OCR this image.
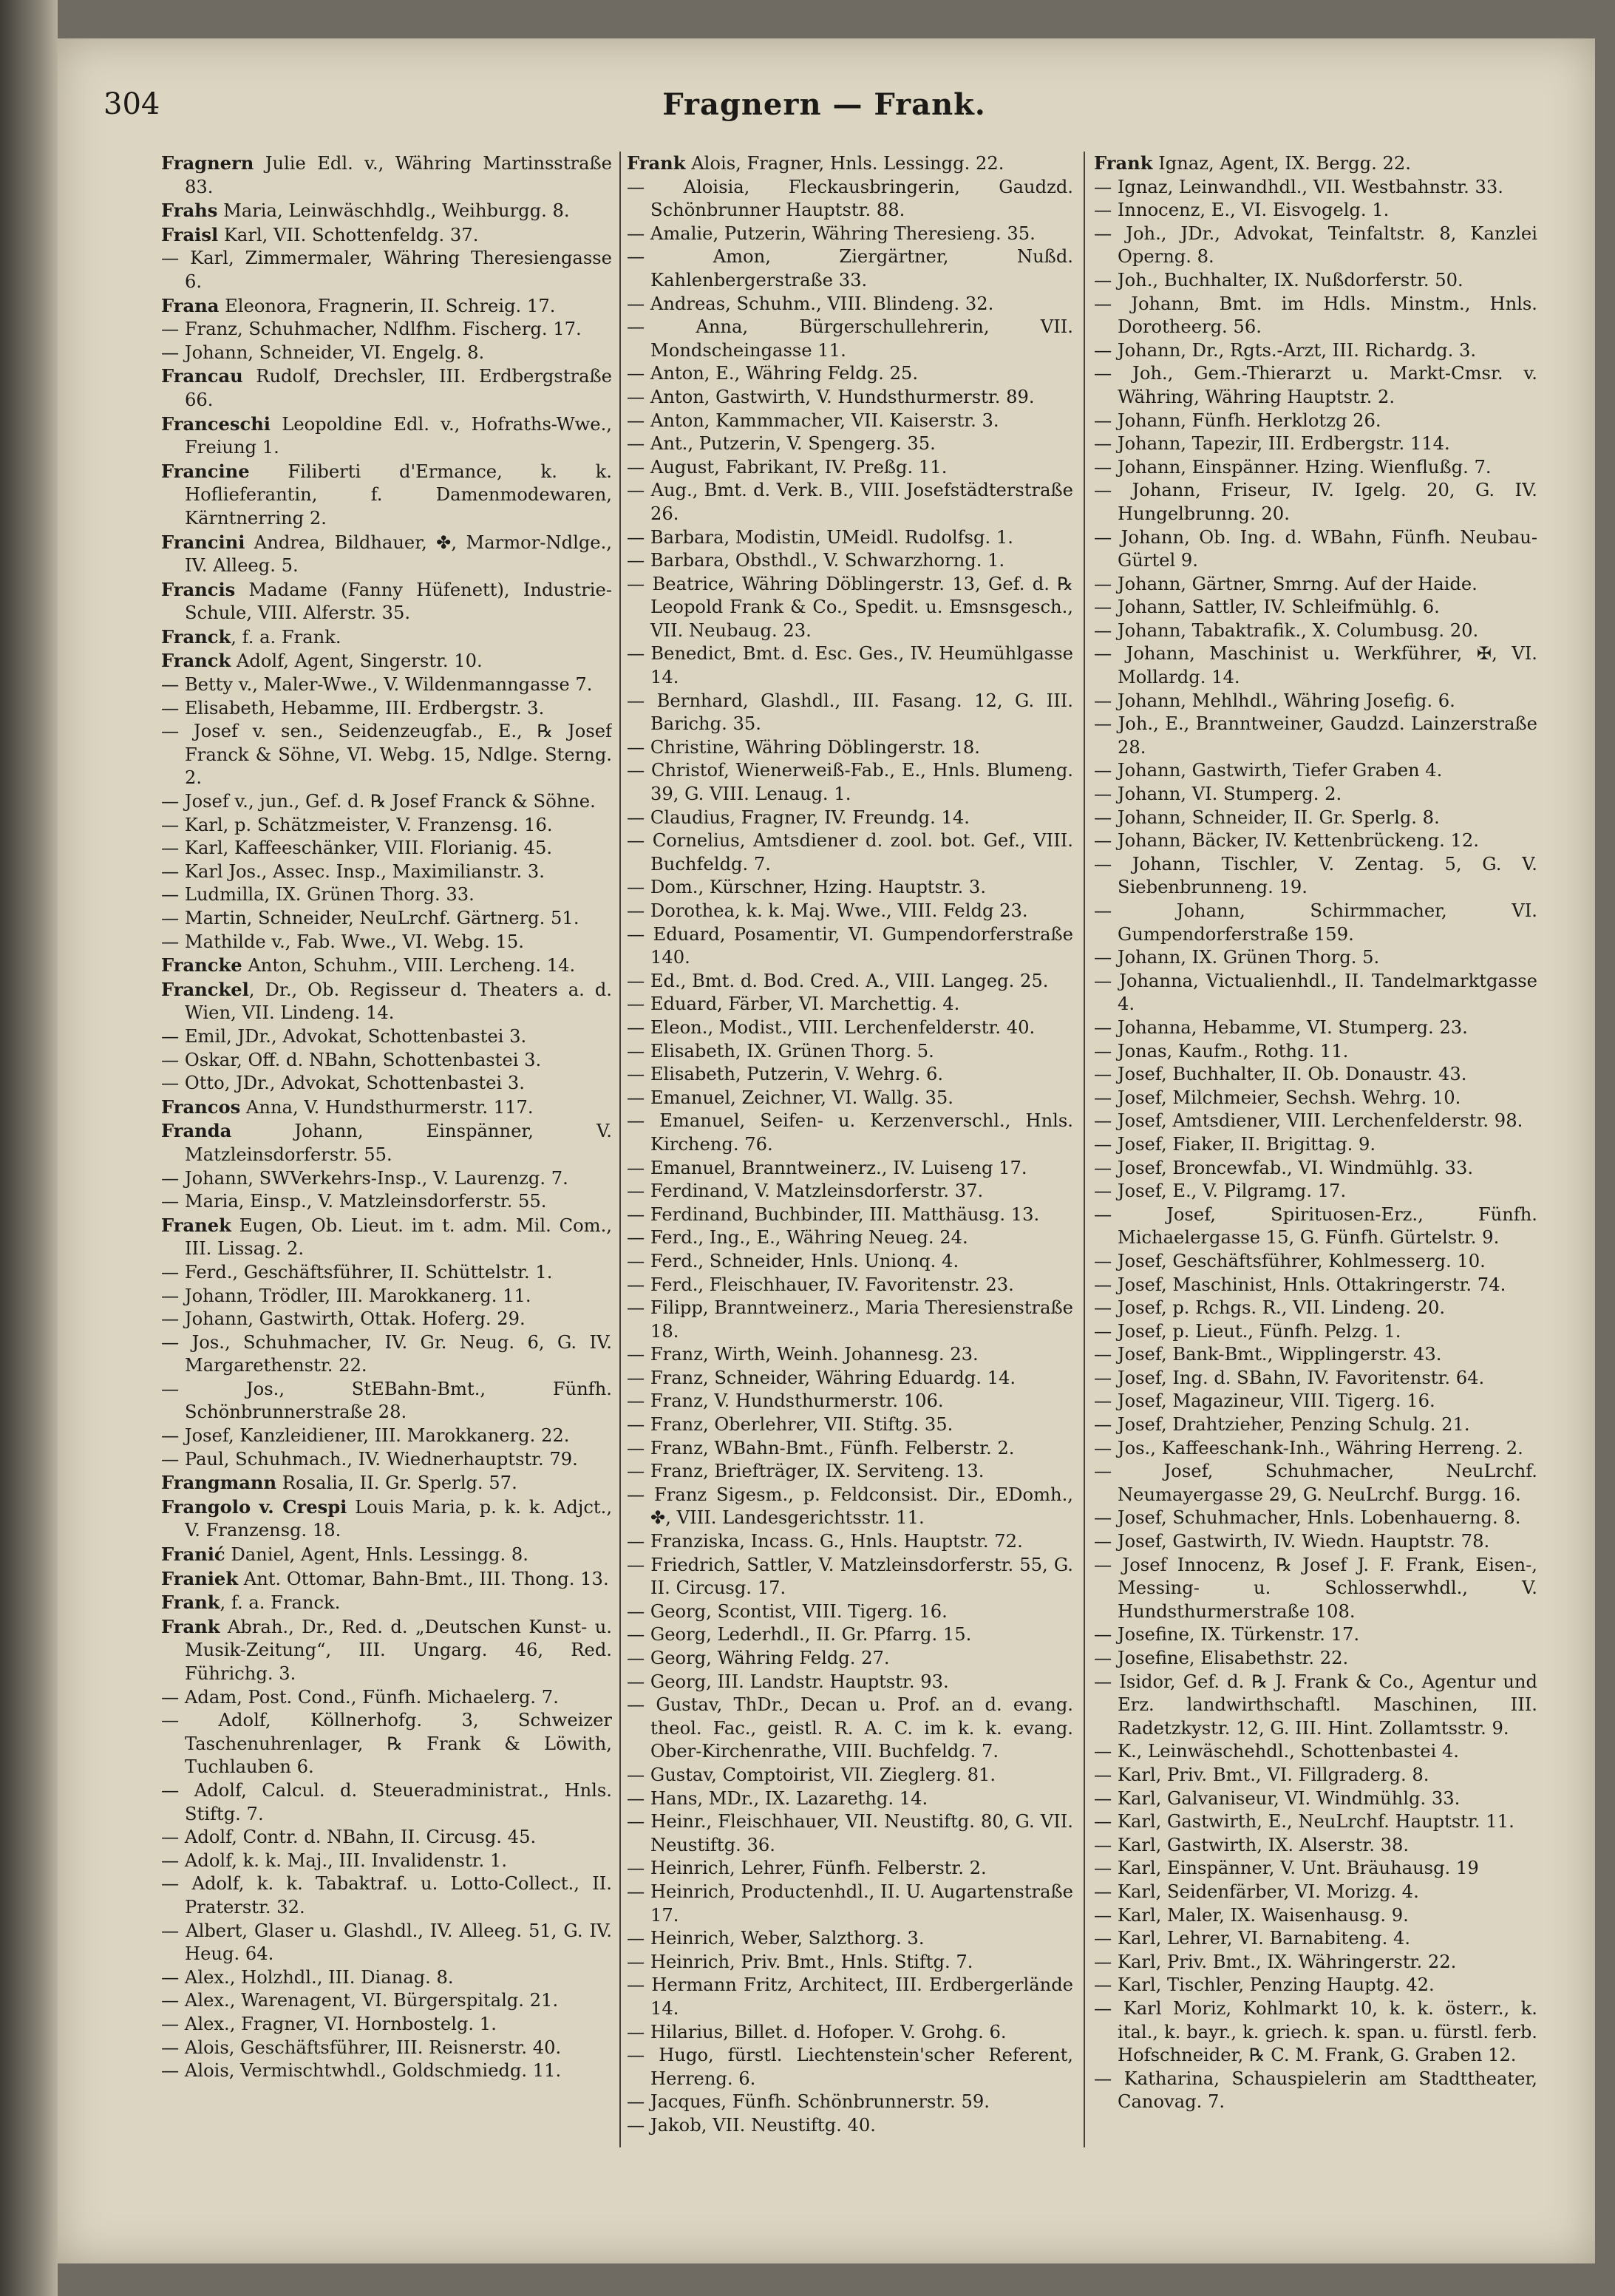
304	Fragnern — Frank.

Fragnern Julie Edl. v., Währing Martinsstraße 83.

Frahs Maria, Leinwäschhdlg., Weihburgg. 8.

Fraisl Karl, VII. Schottenfeldg. 37.

— Karl, Zimmermaler, Währing Theresiengasse 6.

Frana Eleonora, Fragnerin, II. Schreig. 17.

— Franz, Schuhmacher, Ndlfhm. Fischerg. 17.

— Johann, Schneider, VI. Engelg. 8.

Francau Rudolf, Drechsler, III. Erdbergstraße 66.

Franceschi Leopoldine Edl. v., Hofraths-Wwe., Freiung 1.

Francine Filiberti d'Ermance, k. k. Hoflieferantin, f. Damenmodewaren, Kärntnerring 2.

Francini Andrea, Bildhauer, ✤, Marmor-Ndlge., IV. Alleeg. 5.

Francis Madame (Fanny Hüfenett), Industrie-Schule, VIII. Alferstr. 35.

Franck, f. a. Frank.

Franck Adolf, Agent, Singerstr. 10.

— Betty v., Maler-Wwe., V. Wildenmanngasse 7.

— Elisabeth, Hebamme, III. Erdbergstr. 3.

— Josef v. sen., Seidenzeugfab., E., ℞ Josef Franck & Söhne, VI. Webg. 15, Ndlge. Sterng. 2.

— Josef v., jun., Gef. d. ℞ Josef Franck & Söhne.

— Karl, p. Schätzmeister, V. Franzensg. 16.

— Karl, Kaffeeschänker, VIII. Florianig. 45.

— Karl Jos., Assec. Insp., Maximilianstr. 3.

— Ludmilla, IX. Grünen Thorg. 33.

— Martin, Schneider, NeuLrchf. Gärtnerg. 51.

— Mathilde v., Fab. Wwe., VI. Webg. 15.

Francke Anton, Schuhm., VIII. Lercheng. 14.

Franckel, Dr., Ob. Regisseur d. Theaters a. d. Wien, VII. Lindeng. 14.

— Emil, JDr., Advokat, Schottenbastei 3.

— Oskar, Off. d. NBahn, Schottenbastei 3.

— Otto, JDr., Advokat, Schottenbastei 3.

Francos Anna, V. Hundsthurmerstr. 117.

Franda Johann, Einspänner, V. Matzleinsdorferstr. 55.

— Johann, SWVerkehrs-Insp., V. Laurenzg. 7.

— Maria, Einsp., V. Matzleinsdorferstr. 55.

Franek Eugen, Ob. Lieut. im t. adm. Mil. Com., III. Lissag. 2.

— Ferd., Geschäftsführer, II. Schüttelstr. 1.

— Johann, Trödler, III. Marokkanerg. 11.

— Johann, Gastwirth, Ottak. Hoferg. 29.

— Jos., Schuhmacher, IV. Gr. Neug. 6, G. IV. Margarethenstr. 22.

— Jos., StEBahn-Bmt., Fünfh. Schönbrunnerstraße 28.

— Josef, Kanzleidiener, III. Marokkanerg. 22.

— Paul, Schuhmach., IV. Wiednerhauptstr. 79.

Frangmann Rosalia, II. Gr. Sperlg. 57.

Frangolo v. Crespi Louis Maria, p. k. k. Adjct., V. Franzensg. 18.

Franić Daniel, Agent, Hnls. Lessingg. 8.

Franiek Ant. Ottomar, Bahn-Bmt., III. Thong. 13.

Frank, f. a. Franck.

Frank Abrah., Dr., Red. d. „Deutschen Kunst- u. Musik-Zeitung“, III. Ungarg. 46, Red. Führichg. 3.

— Adam, Post. Cond., Fünfh. Michaelerg. 7.

— Adolf, Köllnerhofg. 3, Schweizer Taschenuhrenlager, ℞ Frank & Löwith, Tuchlauben 6.

— Adolf, Calcul. d. Steueradministrat., Hnls. Stiftg. 7.

— Adolf, Contr. d. NBahn, II. Circusg. 45.

— Adolf, k. k. Maj., III. Invalidenstr. 1.

— Adolf, k. k. Tabaktraf. u. Lotto-Collect., II. Praterstr. 32.

— Albert, Glaser u. Glashdl., IV. Alleeg. 51, G. IV. Heug. 64.

— Alex., Holzhdl., III. Dianag. 8.

— Alex., Warenagent, VI. Bürgerspitalg. 21.

— Alex., Fragner, VI. Hornbostelg. 1.

— Alois, Geschäftsführer, III. Reisnerstr. 40.

— Alois, Vermischtwhdl., Goldschmiedg. 11.

Frank Alois, Fragner, Hnls. Lessingg. 22.

— Aloisia, Fleckausbringerin, Gaudzd. Schönbrunner Hauptstr. 88.

— Amalie, Putzerin, Währing Theresieng. 35.

— Amon, Ziergärtner, Nußd. Kahlenbergerstraße 33.

— Andreas, Schuhm., VIII. Blindeng. 32.

— Anna, Bürgerschullehrerin, VII. Mondscheingasse 11.

— Anton, E., Währing Feldg. 25.

— Anton, Gastwirth, V. Hundsthurmerstr. 89.

— Anton, Kammmacher, VII. Kaiserstr. 3.

— Ant., Putzerin, V. Spengerg. 35.

— August, Fabrikant, IV. Preßg. 11.

— Aug., Bmt. d. Verk. B., VIII. Josefstädterstraße 26.

— Barbara, Modistin, UMeidl. Rudolfsg. 1.

— Barbara, Obsthdl., V. Schwarzhorng. 1.

— Beatrice, Währing Döblingerstr. 13, Gef. d. ℞ Leopold Frank & Co., Spedit. u. Emsnsgesch., VII. Neubaug. 23.

— Benedict, Bmt. d. Esc. Ges., IV. Heumühlgasse 14.

— Bernhard, Glashdl., III. Fasang. 12, G. III. Barichg. 35.

— Christine, Währing Döblingerstr. 18.

— Christof, Wienerweiß-Fab., E., Hnls. Blumeng. 39, G. VIII. Lenaug. 1.

— Claudius, Fragner, IV. Freundg. 14.

— Cornelius, Amtsdiener d. zool. bot. Gef., VIII. Buchfeldg. 7.

— Dom., Kürschner, Hzing. Hauptstr. 3.

— Dorothea, k. k. Maj. Wwe., VIII. Feldg 23.

— Eduard, Posamentir, VI. Gumpendorferstraße 140.

— Ed., Bmt. d. Bod. Cred. A., VIII. Langeg. 25.

— Eduard, Färber, VI. Marchettig. 4.

— Eleon., Modist., VIII. Lerchenfelderstr. 40.

— Elisabeth, IX. Grünen Thorg. 5.

— Elisabeth, Putzerin, V. Wehrg. 6.

— Emanuel, Zeichner, VI. Wallg. 35.

— Emanuel, Seifen- u. Kerzenverschl., Hnls. Kircheng. 76.

— Emanuel, Branntweinerz., IV. Luiseng 17.

— Ferdinand, V. Matzleinsdorferstr. 37.

— Ferdinand, Buchbinder, III. Matthäusg. 13.

— Ferd., Ing., E., Währing Neueg. 24.

— Ferd., Schneider, Hnls. Unionq. 4.

— Ferd., Fleischhauer, IV. Favoritenstr. 23.

— Filipp, Branntweinerz., Maria Theresienstraße 18.

— Franz, Wirth, Weinh. Johannesg. 23.

— Franz, Schneider, Währing Eduardg. 14.

— Franz, V. Hundsthurmerstr. 106.

— Franz, Oberlehrer, VII. Stiftg. 35.

— Franz, WBahn-Bmt., Fünfh. Felberstr. 2.

— Franz, Briefträger, IX. Serviteng. 13.

— Franz Sigesm., p. Feldconsist. Dir., EDomh., ✤, VIII. Landesgerichtsstr. 11.

— Franziska, Incass. G., Hnls. Hauptstr. 72.

— Friedrich, Sattler, V. Matzleinsdorferstr. 55, G. II. Circusg. 17.

— Georg, Scontist, VIII. Tigerg. 16.

— Georg, Lederhdl., II. Gr. Pfarrg. 15.

— Georg, Währing Feldg. 27.

— Georg, III. Landstr. Hauptstr. 93.

— Gustav, ThDr., Decan u. Prof. an d. evang. theol. Fac., geistl. R. A. C. im k. k. evang. Ober-Kirchenrathe, VIII. Buchfeldg. 7.

— Gustav, Comptoirist, VII. Zieglerg. 81.

— Hans, MDr., IX. Lazarethg. 14.

— Heinr., Fleischhauer, VII. Neustiftg. 80, G. VII. Neustiftg. 36.

— Heinrich, Lehrer, Fünfh. Felberstr. 2.

— Heinrich, Productenhdl., II. U. Augartenstraße 17.

— Heinrich, Weber, Salzthorg. 3.

— Heinrich, Priv. Bmt., Hnls. Stiftg. 7.

— Hermann Fritz, Architect, III. Erdbergerlände 14.

— Hilarius, Billet. d. Hofoper. V. Grohg. 6.

— Hugo, fürstl. Liechtenstein'scher Referent, Herreng. 6.

— Jacques, Fünfh. Schönbrunnerstr. 59.

— Jakob, VII. Neustiftg. 40.

Frank Ignaz, Agent, IX. Bergg. 22.

— Ignaz, Leinwandhdl., VII. Westbahnstr. 33.

— Innocenz, E., VI. Eisvogelg. 1.

— Joh., JDr., Advokat, Teinfaltstr. 8, Kanzlei Operng. 8.

— Joh., Buchhalter, IX. Nußdorferstr. 50.

— Johann, Bmt. im Hdls. Minstm., Hnls. Dorotheerg. 56.

— Johann, Dr., Rgts.-Arzt, III. Richardg. 3.

— Joh., Gem.-Thierarzt u. Markt-Cmsr. v. Währing, Währing Hauptstr. 2.

— Johann, Fünfh. Herklotzg 26.

— Johann, Tapezir, III. Erdbergstr. 114.

— Johann, Einspänner. Hzing. Wienflußg. 7.

— Johann, Friseur, IV. Igelg. 20, G. IV. Hungelbrunng. 20.

— Johann, Ob. Ing. d. WBahn, Fünfh. Neubau-Gürtel 9.

— Johann, Gärtner, Smrng. Auf der Haide.

— Johann, Sattler, IV. Schleifmühlg. 6.

— Johann, Tabaktrafik., X. Columbusg. 20.

— Johann, Maschinist u. Werkführer, ✠, VI. Mollardg. 14.

— Johann, Mehlhdl., Währing Josefig. 6.

— Joh., E., Branntweiner, Gaudzd. Lainzerstraße 28.

— Johann, Gastwirth, Tiefer Graben 4.

— Johann, VI. Stumperg. 2.

— Johann, Schneider, II. Gr. Sperlg. 8.

— Johann, Bäcker, IV. Kettenbrückeng. 12.

— Johann, Tischler, V. Zentag. 5, G. V. Siebenbrunneng. 19.

— Johann, Schirmmacher, VI. Gumpendorferstraße 159.

— Johann, IX. Grünen Thorg. 5.

— Johanna, Victualienhdl., II. Tandelmarktgasse 4.

— Johanna, Hebamme, VI. Stumperg. 23.

— Jonas, Kaufm., Rothg. 11.

— Josef, Buchhalter, II. Ob. Donaustr. 43.

— Josef, Milchmeier, Sechsh. Wehrg. 10.

— Josef, Amtsdiener, VIII. Lerchenfelderstr. 98.

— Josef, Fiaker, II. Brigittag. 9.

— Josef, Broncewfab., VI. Windmühlg. 33.

— Josef, E., V. Pilgramg. 17.

— Josef, Spirituosen-Erz., Fünfh. Michaelergasse 15, G. Fünfh. Gürtelstr. 9.

— Josef, Geschäftsführer, Kohlmesserg. 10.

— Josef, Maschinist, Hnls. Ottakringerstr. 74.

— Josef, p. Rchgs. R., VII. Lindeng. 20.

— Josef, p. Lieut., Fünfh. Pelzg. 1.

— Josef, Bank-Bmt., Wipplingerstr. 43.

— Josef, Ing. d. SBahn, IV. Favoritenstr. 64.

— Josef, Magazineur, VIII. Tigerg. 16.

— Josef, Drahtzieher, Penzing Schulg. 21.

— Jos., Kaffeeschank-Inh., Währing Herreng. 2.

— Josef, Schuhmacher, NeuLrchf. Neumayergasse 29, G. NeuLrchf. Burgg. 16.

— Josef, Schuhmacher, Hnls. Lobenhauerng. 8.

— Josef, Gastwirth, IV. Wiedn. Hauptstr. 78.

— Josef Innocenz, ℞ Josef J. F. Frank, Eisen-, Messing- u. Schlosserwhdl., V. Hundsthurmerstraße 108.

— Josefine, IX. Türkenstr. 17.

— Josefine, Elisabethstr. 22.

— Isidor, Gef. d. ℞ J. Frank & Co., Agentur und Erz. landwirthschaftl. Maschinen, III. Radetzkystr. 12, G. III. Hint. Zollamtsstr. 9.

— K., Leinwäschehdl., Schottenbastei 4.

— Karl, Priv. Bmt., VI. Fillgraderg. 8.

— Karl, Galvaniseur, VI. Windmühlg. 33.

— Karl, Gastwirth, E., NeuLrchf. Hauptstr. 11.

— Karl, Gastwirth, IX. Alserstr. 38.

— Karl, Einspänner, V. Unt. Bräuhausg. 19

— Karl, Seidenfärber, VI. Morizg. 4.

— Karl, Maler, IX. Waisenhausg. 9.

— Karl, Lehrer, VI. Barnabiteng. 4.

— Karl, Priv. Bmt., IX. Währingerstr. 22.

— Karl, Tischler, Penzing Hauptg. 42.

— Karl Moriz, Kohlmarkt 10, k. k. österr., k. ital., k. bayr., k. griech. k. span. u. fürstl. ferb. Hofschneider, ℞ C. M. Frank, G. Graben 12.

— Katharina, Schauspielerin am Stadttheater, Canovag. 7.
